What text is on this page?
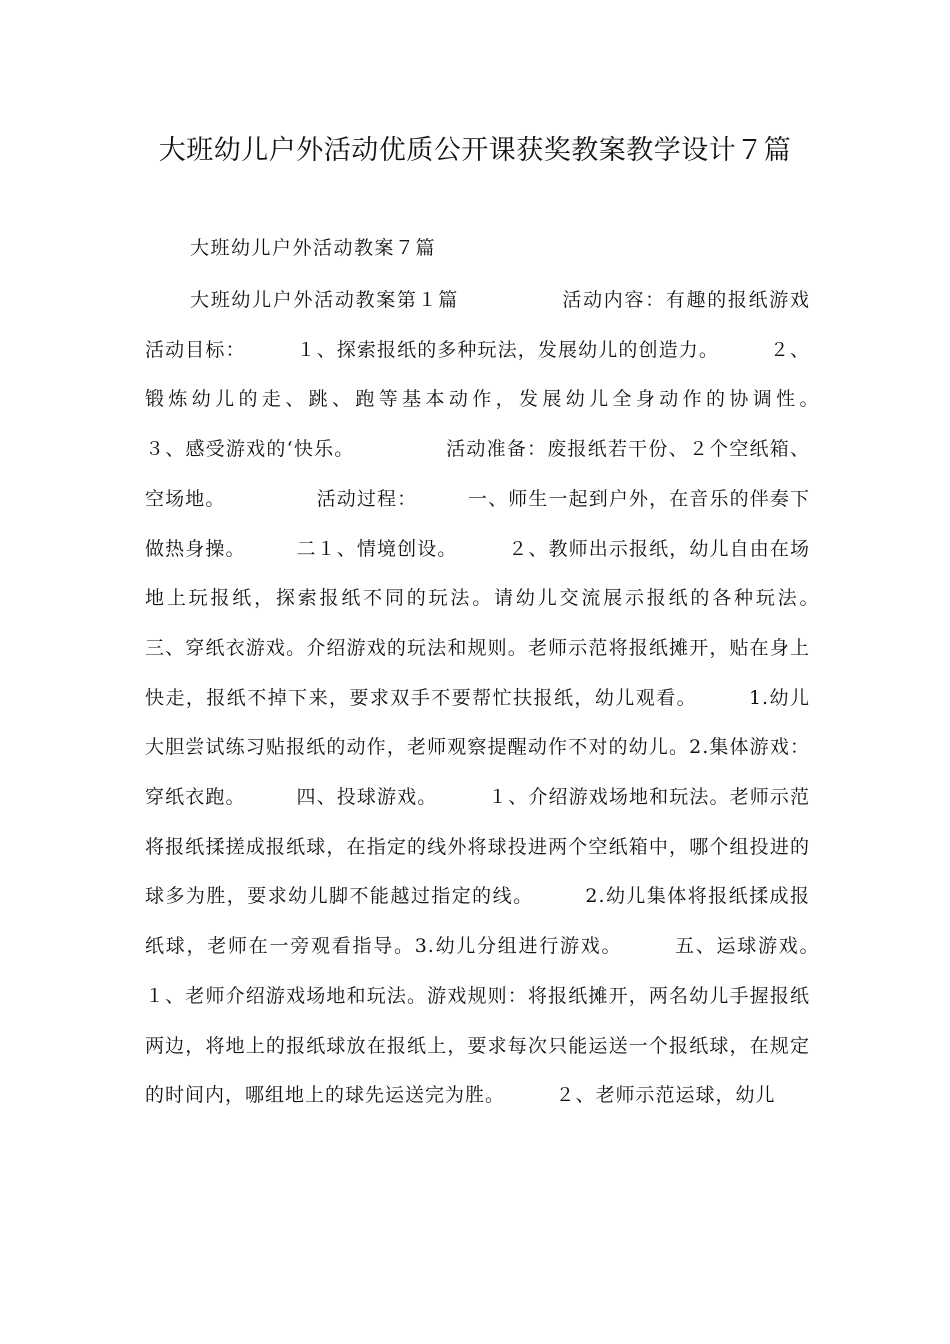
大班幼儿户外活动优质公开课获奖教案教学设计７篇
大班幼儿户外活动教案７篇

大班幼儿户外活动教案第１篇　　　　　活动内容：有趣的报纸游戏　　　　　活动目标：　　　１、探索报纸的多种玩法，发展幼儿的创造力。　　　２、锻炼幼儿的走、跳、跑等基本动作，发展幼儿全身动作的协调性。　　　３、感受游戏的‘快乐。　　　　　活动准备：废报纸若干份、２个空纸箱、空场地。　　　　　活动过程：　　　一、师生一起到户外，在音乐的伴奏下做热身操。　　　二１、情境创设。　　　２、教师出示报纸，幼儿自由在场地上玩报纸，探索报纸不同的玩法。请幼儿交流展示报纸的各种玩法。　　　三、穿纸衣游戏。介绍游戏的玩法和规则。老师示范将报纸摊开，贴在身上快走，报纸不掉下来，要求双手不要帮忙扶报纸，幼儿观看。　　　1.幼儿大胆尝试练习贴报纸的动作，老师观察提醒动作不对的幼儿。2.集体游戏：穿纸衣跑。　　　四、投球游戏。　　　１、介绍游戏场地和玩法。老师示范将报纸揉搓成报纸球，在指定的线外将球投进两个空纸箱中，哪个组投进的球多为胜，要求幼儿脚不能越过指定的线。　　　2.幼儿集体将报纸揉成报纸球，老师在一旁观看指导。3.幼儿分组进行游戏。　　　五、运球游戏。　　　１、老师介绍游戏场地和玩法。游戏规则：将报纸摊开，两名幼儿手握报纸两边，将地上的报纸球放在报纸上，要求每次只能运送一个报纸球，在规定的时间内，哪组地上的球先运送完为胜。　　　２、老师示范运球，幼儿
